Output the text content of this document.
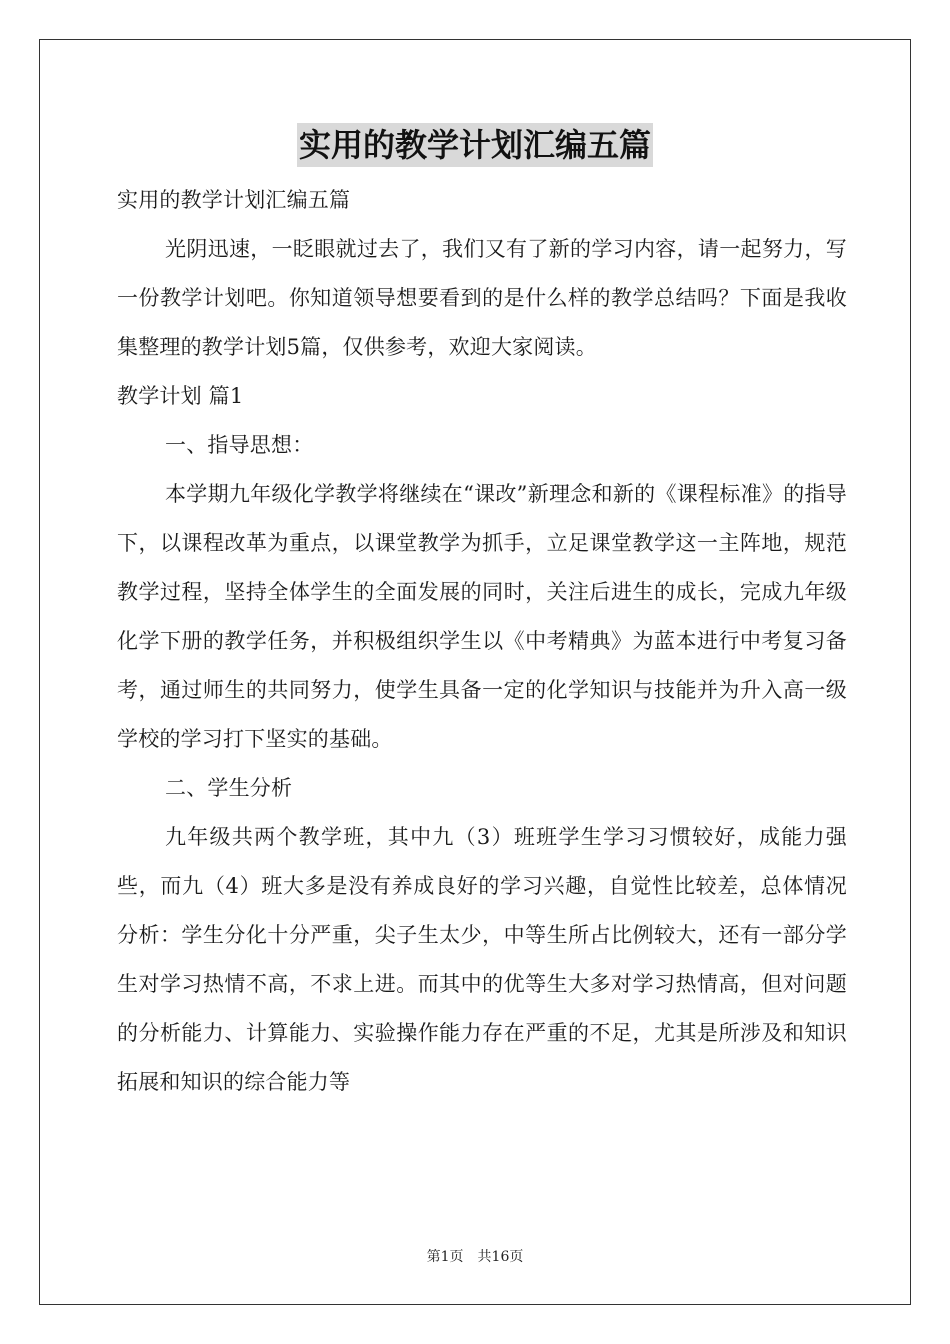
实用的教学计划汇编五篇

实用的教学计划汇编五篇

光阴迅速，一眨眼就过去了，我们又有了新的学习内容，请一起努力，写一份教学计划吧。你知道领导想要看到的是什么样的教学总结吗？下面是我收集整理的教学计划5篇，仅供参考，欢迎大家阅读。

教学计划 篇1

一、指导思想：

本学期九年级化学教学将继续在“课改”新理念和新的《课程标准》的指导下，以课程改革为重点，以课堂教学为抓手，立足课堂教学这一主阵地，规范教学过程，坚持全体学生的全面发展的同时，关注后进生的成长，完成九年级化学下册的教学任务，并积极组织学生以《中考精典》为蓝本进行中考复习备考，通过师生的共同努力，使学生具备一定的化学知识与技能并为升入高一级学校的学习打下坚实的基础。

二、学生分析

九年级共两个教学班，其中九（3）班班学生学习习惯较好，成能力强些，而九（4）班大多是没有养成良好的学习兴趣，自觉性比较差，总体情况分析：学生分化十分严重，尖子生太少，中等生所占比例较大，还有一部分学生对学习热情不高，不求上进。而其中的优等生大多对学习热情高，但对问题的分析能力、计算能力、实验操作能力存在严重的不足，尤其是所涉及和知识拓展和知识的综合能力等

第1页　共16页
